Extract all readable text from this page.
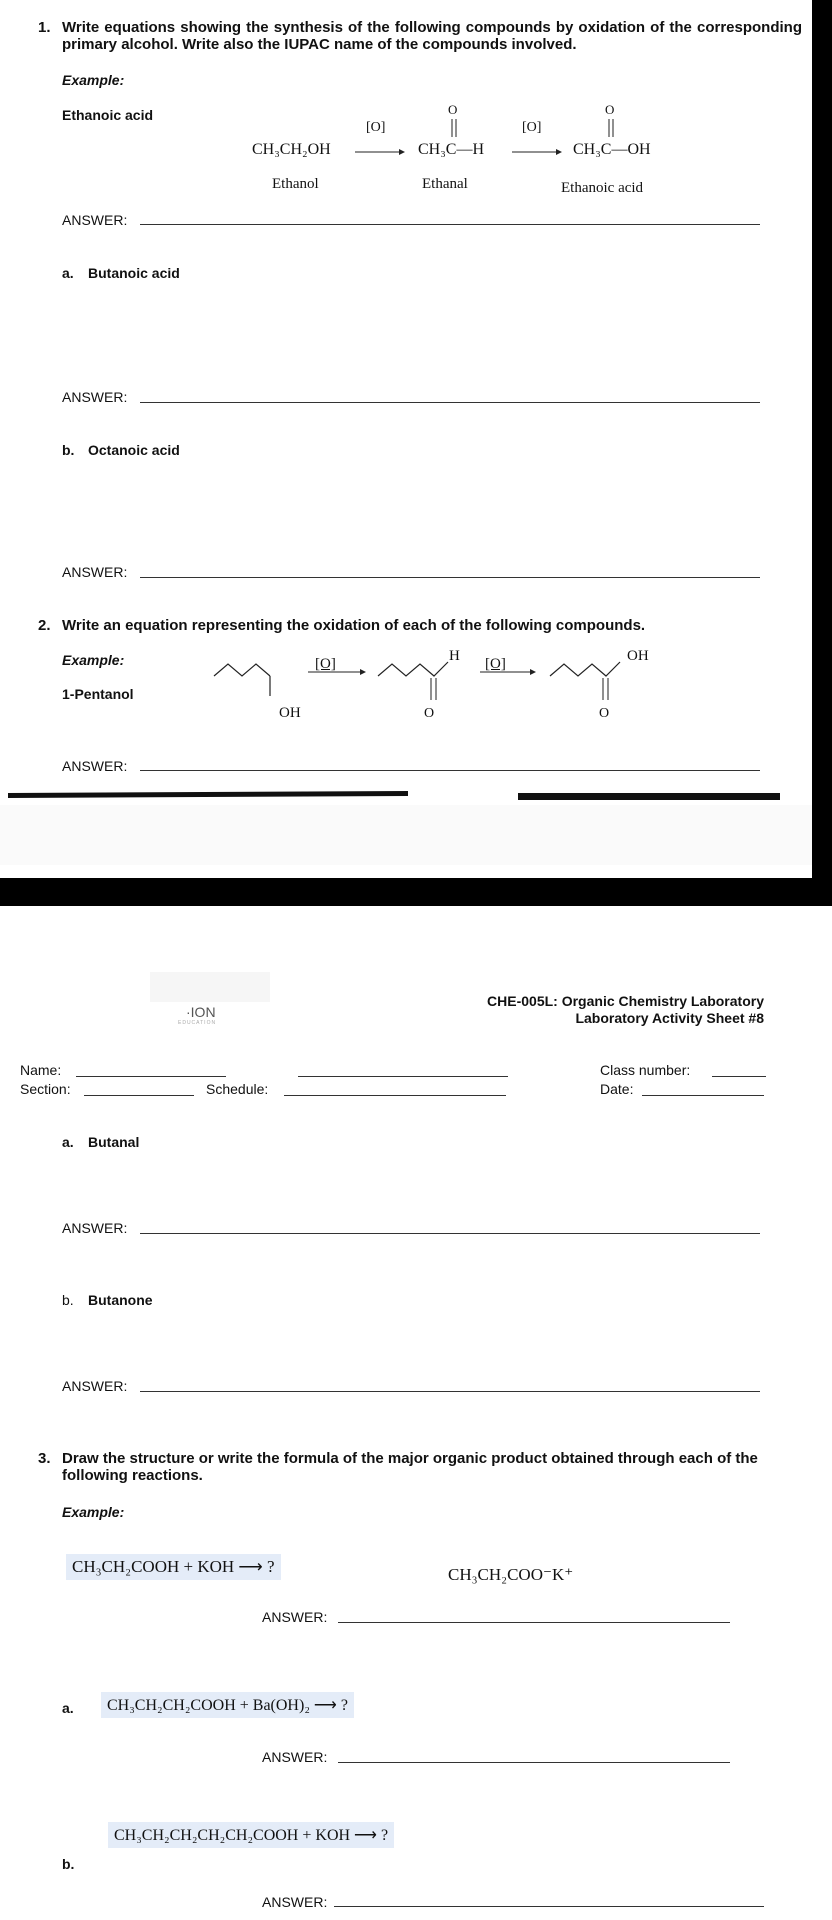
1. Write equations showing the synthesis of the following compounds by oxidation of the corresponding primary alcohol. Write also the IUPAC name of the compounds involved.
Example:
Ethanoic acid
CH₃CH₂OH
[O]
O
CH₃C—H
[O]
O
CH₃C—OH
Ethanol	Ethanal	Ethanoic acid
ANSWER:
a. Butanoic acid
ANSWER:
b. Octanoic acid
ANSWER:
2. Write an equation representing the oxidation of each of the following compounds.
Example:
1-Pentanol
[O]	[O]
OH
H
O
OH
O
ANSWER:
·ION
EDUCATION
CHE-005L: Organic Chemistry Laboratory
Laboratory Activity Sheet #8
Name:
Section:	Schedule:
Class number:
Date:
a. Butanal
ANSWER:
b. Butanone
ANSWER:
3. Draw the structure or write the formula of the major organic product obtained through each of the following reactions.
Example:
CH₃CH₂COOH + KOH ⟶ ?	CH₃CH₂COO⁻K⁺
ANSWER:
a.	CH₃CH₂CH₂COOH + Ba(OH)₂ ⟶ ?
ANSWER:
CH₃CH₂CH₂CH₂CH₂COOH + KOH ⟶ ?
b.
ANSWER:
